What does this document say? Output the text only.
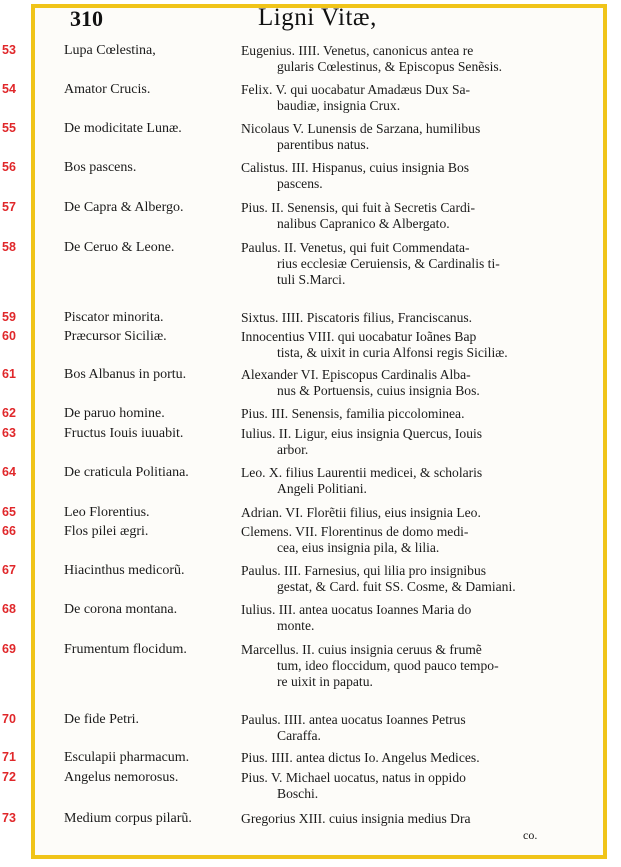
310	Ligni Vitæ,
53	Lupa Cœlestina,	Eugenius. IIII. Venetus, canonicus antea re
gularis Cœlestinus, & Episcopus Senẽsis.
54	Amator Crucis.	Felix. V. qui uocabatur Amadæus Dux Sa-
baudiæ, insignia Crux.
55	De modicitate Lunæ.	Nicolaus V. Lunensis de Sarzana, humilibus
parentibus natus.
56	Bos pascens.	Calistus. III. Hispanus, cuius insignia Bos
pascens.
57	De Capra & Albergo.	Pius. II. Senensis, qui fuit à Secretis Cardi-
nalibus Capranico & Albergato.
58	De Ceruo & Leone.	Paulus. II. Venetus, qui fuit Commendata-
rius ecclesiæ Ceruiensis, & Cardinalis ti-
tuli S.Marci.
59	Piscator minorita.	Sixtus. IIII. Piscatoris filius, Franciscanus.
60	Præcursor Siciliæ.	Innocentius VIII. qui uocabatur Ioãnes Bap
tista, & uixit in curia Alfonsi regis Siciliæ.
61	Bos Albanus in portu.	Alexander VI. Episcopus Cardinalis Alba-
nus & Portuensis, cuius insignia Bos.
62	De paruo homine.	Pius. III. Senensis, familia piccolominea.
63	Fructus Iouis iuuabit.	Iulius. II. Ligur, eius insignia Quercus, Iouis
arbor.
64	De craticula Politiana.	Leo. X. filius Laurentii medicei, & scholaris
Angeli Politiani.
65	Leo Florentius.	Adrian. VI. Florẽtii filius, eius insignia Leo.
66	Flos pilei ægri.	Clemens. VII. Florentinus de domo medi-
cea, eius insignia pila, & lilia.
67	Hiacinthus medicorũ.	Paulus. III. Farnesius, qui lilia pro insignibus
gestat, & Card. fuit SS. Cosme, & Damiani.
68	De corona montana.	Iulius. III. antea uocatus Ioannes Maria do
monte.
69	Frumentum flocidum.	Marcellus. II. cuius insignia ceruus & frumẽ
tum, ideo floccidum, quod pauco tempo-
re uixit in papatu.
70	De fide Petri.	Paulus. IIII. antea uocatus Ioannes Petrus
Caraffa.
71	Esculapii pharmacum.	Pius. IIII. antea dictus Io. Angelus Medices.
72	Angelus nemorosus.	Pius. V. Michael uocatus, natus in oppido
Boschi.
73	Medium corpus pilarũ.	Gregorius XIII. cuius insignia medius Dra
co.
